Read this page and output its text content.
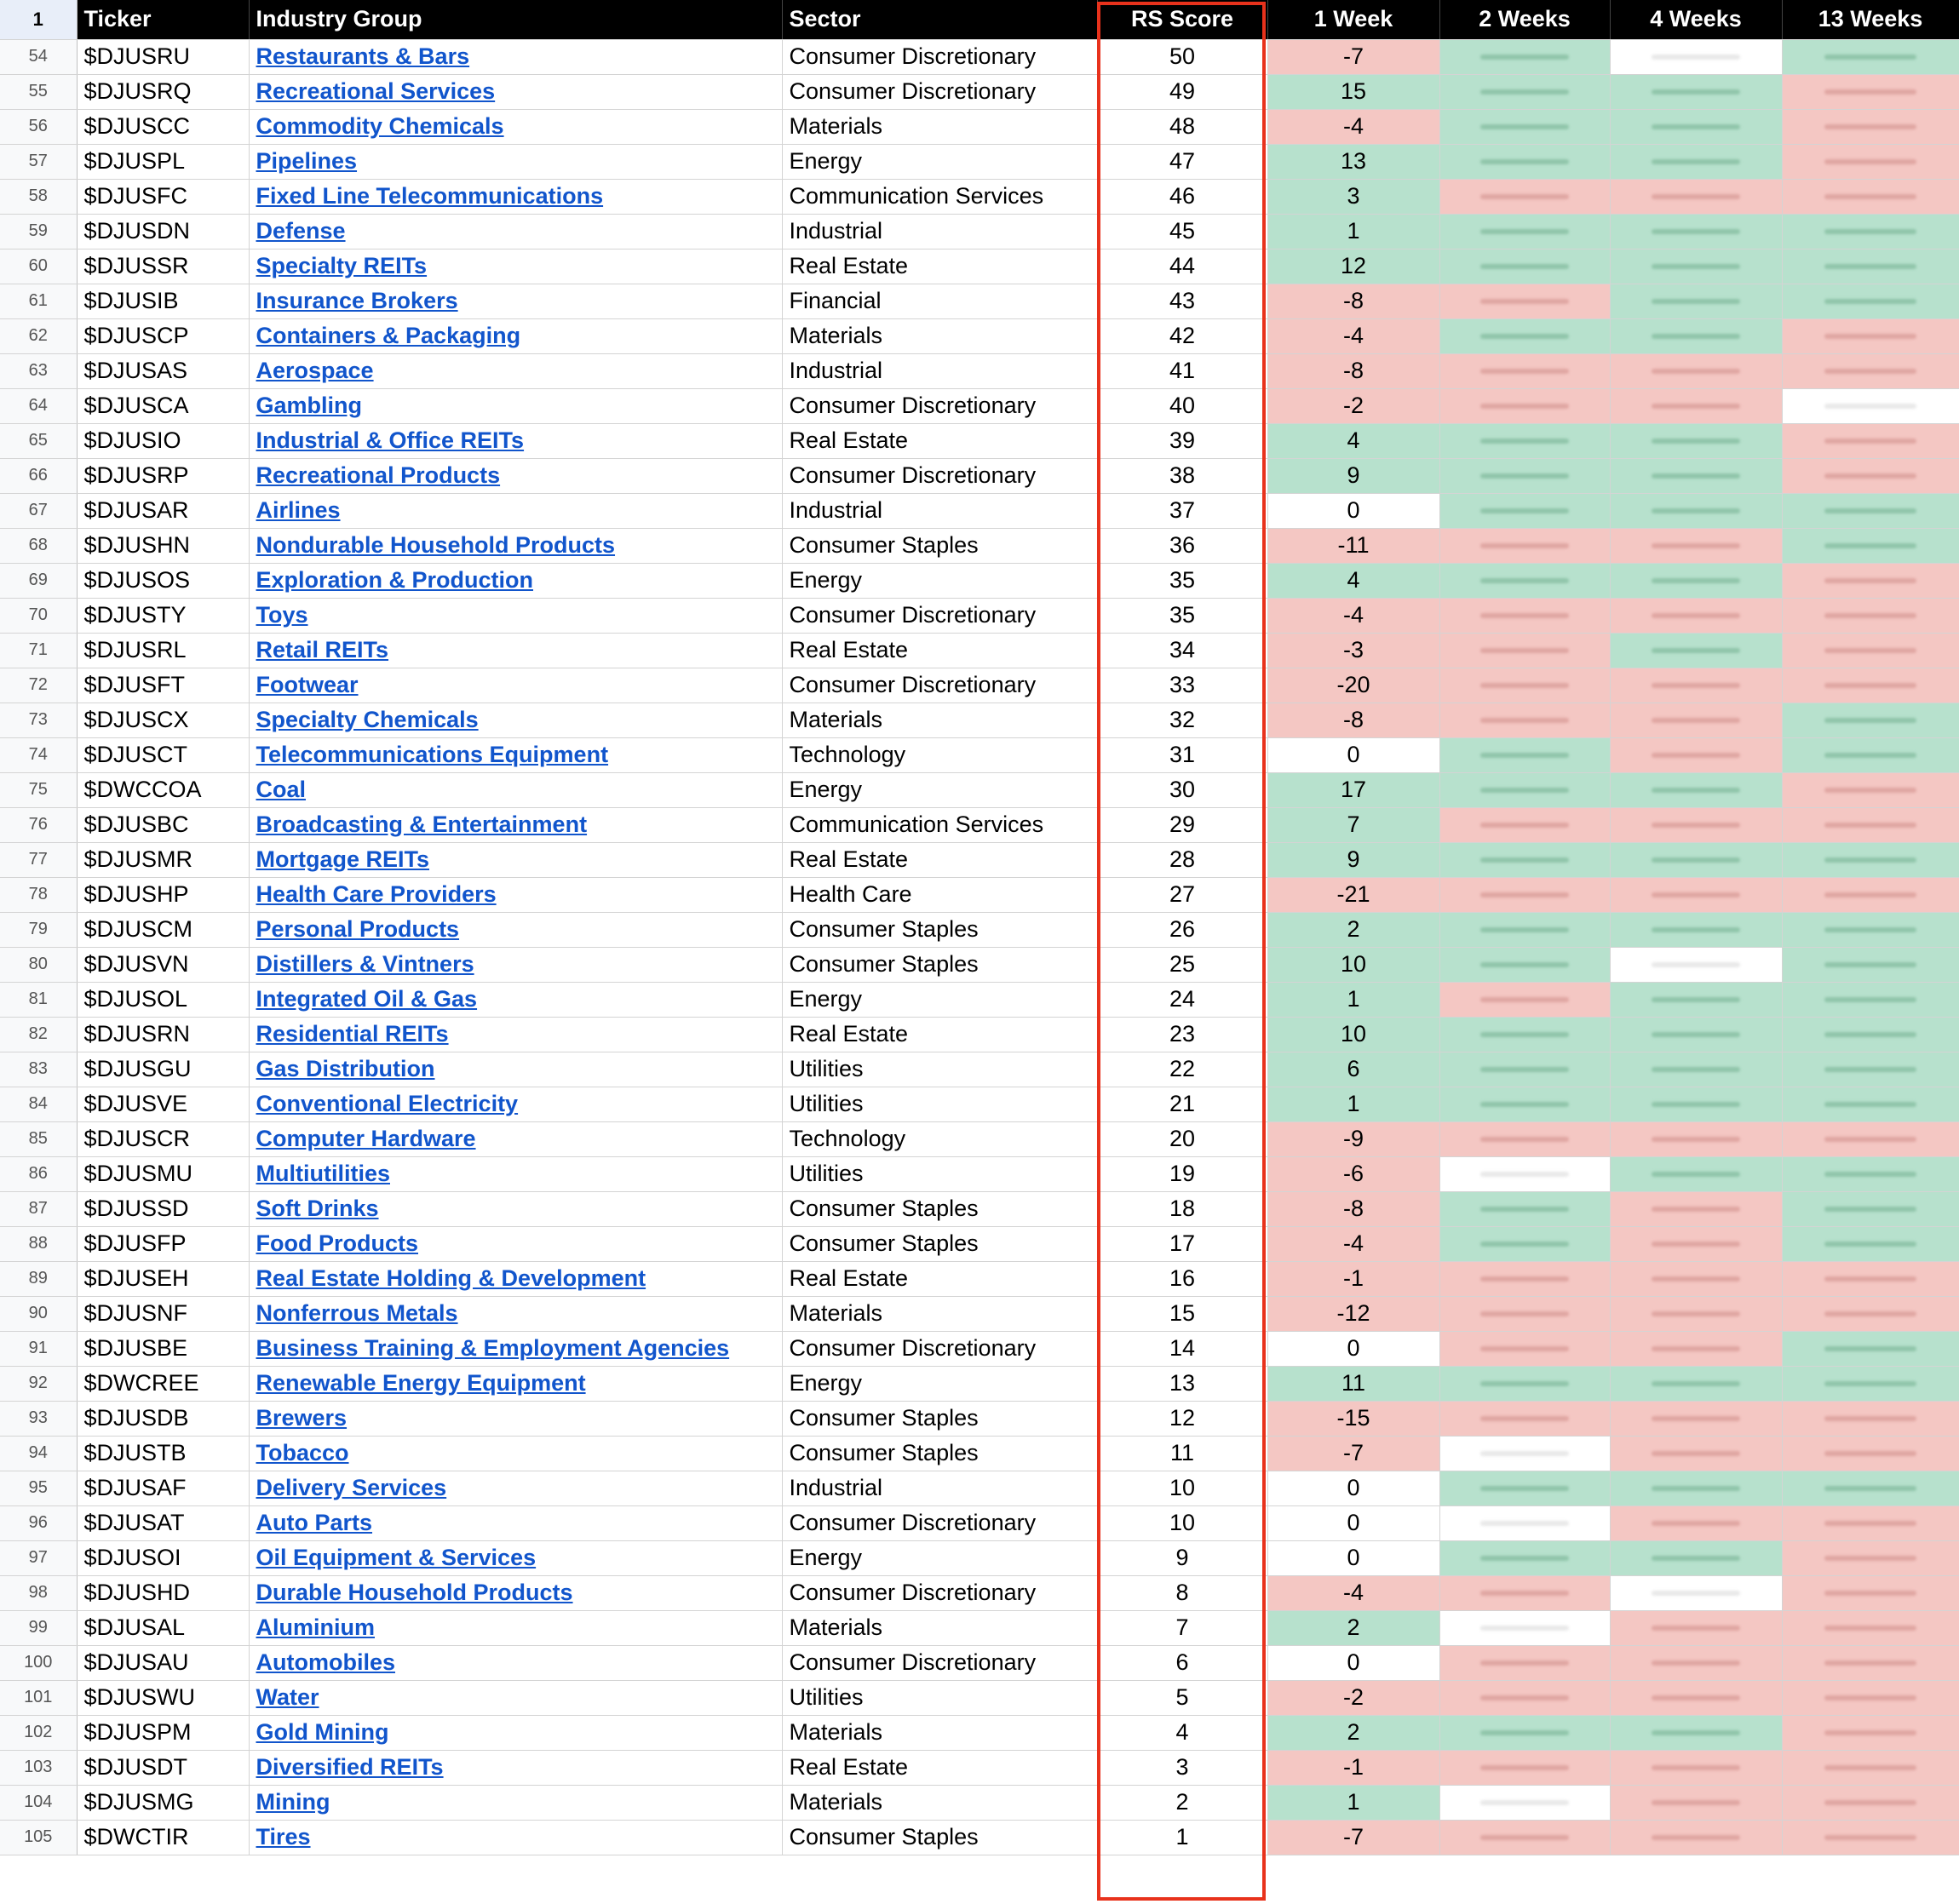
1	Ticker	Industry Group	Sector	RS Score	1 Week	2 Weeks	4 Weeks	13 Weeks
54	$DJUSRU	Restaurants & Bars	Consumer Discretionary	50	-7	

55	$DJUSRQ	Recreational Services	Consumer Discretionary	49	15	

56	$DJUSCC	Commodity Chemicals	Materials	48	-4	

57	$DJUSPL	Pipelines	Energy	47	13	

58	$DJUSFC	Fixed Line Telecommunications	Communication Services	46	3	

59	$DJUSDN	Defense	Industrial	45	1	

60	$DJUSSR	Specialty REITs	Real Estate	44	12	

61	$DJUSIB	Insurance Brokers	Financial	43	-8	

62	$DJUSCP	Containers & Packaging	Materials	42	-4	

63	$DJUSAS	Aerospace	Industrial	41	-8	

64	$DJUSCA	Gambling	Consumer Discretionary	40	-2	

65	$DJUSIO	Industrial & Office REITs	Real Estate	39	4	

66	$DJUSRP	Recreational Products	Consumer Discretionary	38	9	

67	$DJUSAR	Airlines	Industrial	37	0	

68	$DJUSHN	Nondurable Household Products	Consumer Staples	36	-11	

69	$DJUSOS	Exploration & Production	Energy	35	4	

70	$DJUSTY	Toys	Consumer Discretionary	35	-4	

71	$DJUSRL	Retail REITs	Real Estate	34	-3	

72	$DJUSFT	Footwear	Consumer Discretionary	33	-20	

73	$DJUSCX	Specialty Chemicals	Materials	32	-8	

74	$DJUSCT	Telecommunications Equipment	Technology	31	0	

75	$DWCCOA	Coal	Energy	30	17	

76	$DJUSBC	Broadcasting & Entertainment	Communication Services	29	7	

77	$DJUSMR	Mortgage REITs	Real Estate	28	9	

78	$DJUSHP	Health Care Providers	Health Care	27	-21	

79	$DJUSCM	Personal Products	Consumer Staples	26	2	

80	$DJUSVN	Distillers & Vintners	Consumer Staples	25	10	

81	$DJUSOL	Integrated Oil & Gas	Energy	24	1	

82	$DJUSRN	Residential REITs	Real Estate	23	10	

83	$DJUSGU	Gas Distribution	Utilities	22	6	

84	$DJUSVE	Conventional Electricity	Utilities	21	1	

85	$DJUSCR	Computer Hardware	Technology	20	-9	

86	$DJUSMU	Multiutilities	Utilities	19	-6	

87	$DJUSSD	Soft Drinks	Consumer Staples	18	-8	

88	$DJUSFP	Food Products	Consumer Staples	17	-4	

89	$DJUSEH	Real Estate Holding & Development	Real Estate	16	-1	

90	$DJUSNF	Nonferrous Metals	Materials	15	-12	

91	$DJUSBE	Business Training & Employment Agencies	Consumer Discretionary	14	0	

92	$DWCREE	Renewable Energy Equipment	Energy	13	11	

93	$DJUSDB	Brewers	Consumer Staples	12	-15	

94	$DJUSTB	Tobacco	Consumer Staples	11	-7	

95	$DJUSAF	Delivery Services	Industrial	10	0	

96	$DJUSAT	Auto Parts	Consumer Discretionary	10	0	

97	$DJUSOI	Oil Equipment & Services	Energy	9	0	

98	$DJUSHD	Durable Household Products	Consumer Discretionary	8	-4	

99	$DJUSAL	Aluminium	Materials	7	2	

100	$DJUSAU	Automobiles	Consumer Discretionary	6	0	

101	$DJUSWU	Water	Utilities	5	-2	

102	$DJUSPM	Gold Mining	Materials	4	2	

103	$DJUSDT	Diversified REITs	Real Estate	3	-1	

104	$DJUSMG	Mining	Materials	2	1	

105	$DWCTIR	Tires	Consumer Staples	1	-7	
